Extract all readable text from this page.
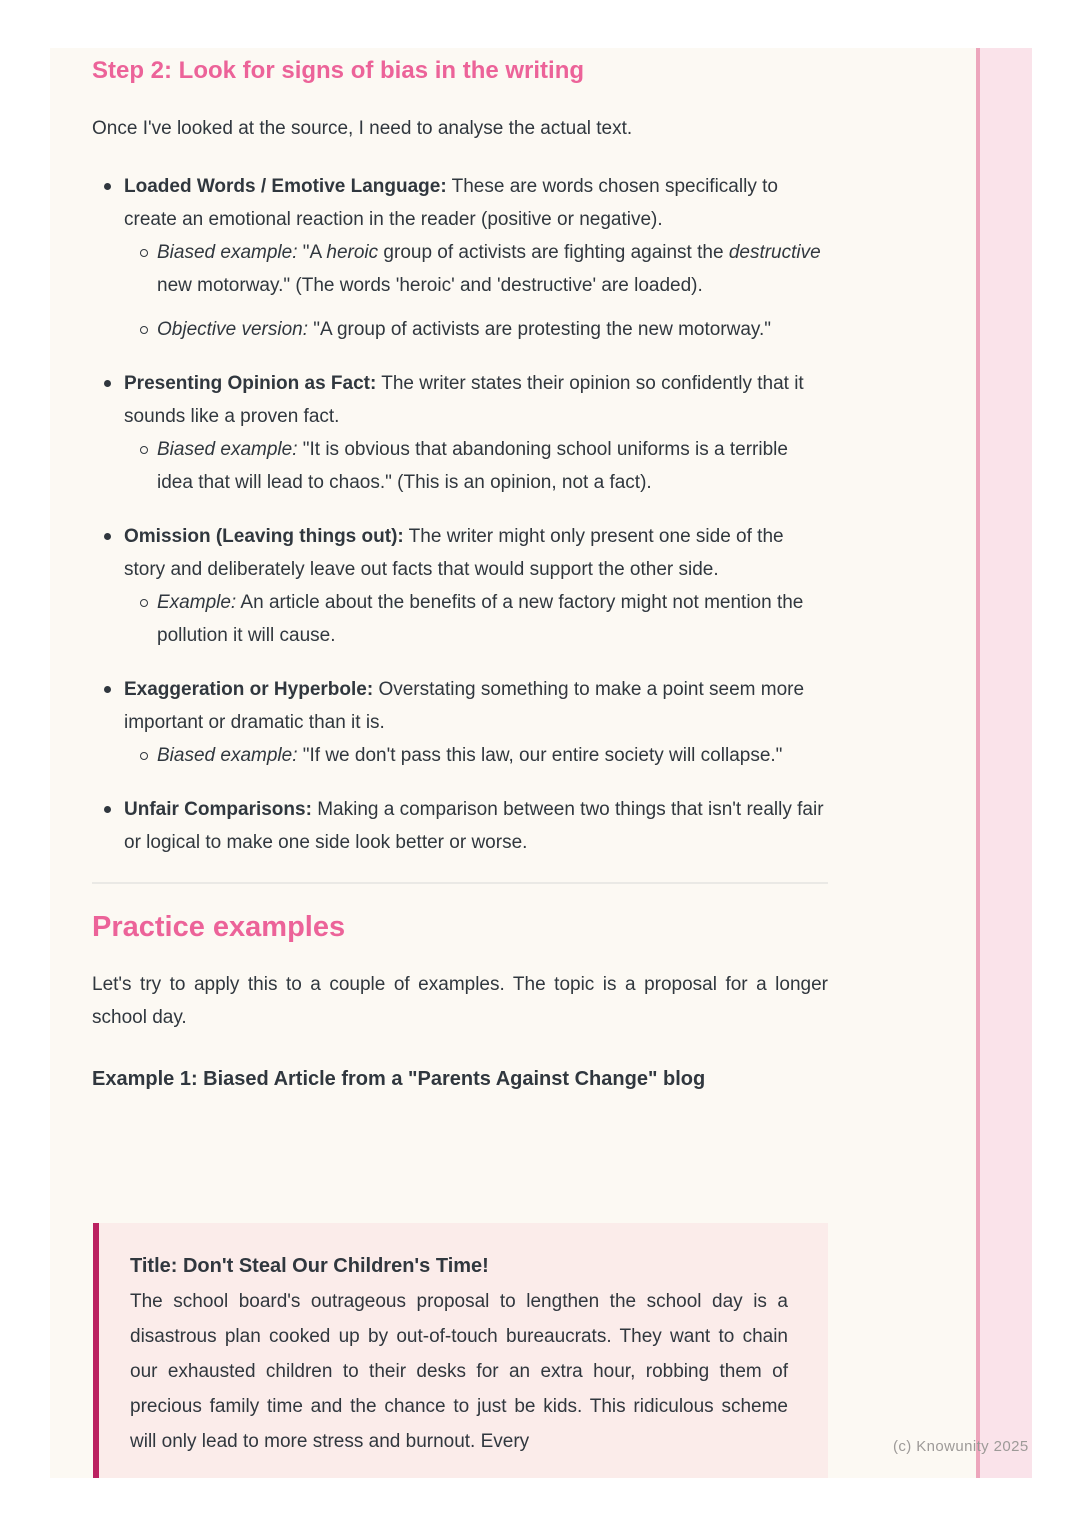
Step 2: Look for signs of bias in the writing

Once I've looked at the source, I need to analyse the actual text.

Loaded Words / Emotive Language: These are words chosen specifically to create an emotional reaction in the reader (positive or negative).

Biased example: "A heroic group of activists are fighting against the destructive new motorway." (The words 'heroic' and 'destructive' are loaded).

Objective version: "A group of activists are protesting the new motorway."

Presenting Opinion as Fact: The writer states their opinion so confidently that it sounds like a proven fact.

Biased example: "It is obvious that abandoning school uniforms is a terrible idea that will lead to chaos." (This is an opinion, not a fact).

Omission (Leaving things out): The writer might only present one side of the story and deliberately leave out facts that would support the other side.

Example: An article about the benefits of a new factory might not mention the pollution it will cause.

Exaggeration or Hyperbole: Overstating something to make a point seem more important or dramatic than it is.

Biased example: "If we don't pass this law, our entire society will collapse."

Unfair Comparisons: Making a comparison between two things that isn't really fair or logical to make one side look better or worse.

Practice examples

Let's try to apply this to a couple of examples. The topic is a proposal for a longer school day.

Example 1: Biased Article from a "Parents Against Change" blog

Title: Don't Steal Our Children's Time!

The school board's outrageous proposal to lengthen the school day is a disastrous plan cooked up by out-of-touch bureaucrats. They want to chain our exhausted children to their desks for an extra hour, robbing them of precious family time and the chance to just be kids. This ridiculous scheme will only lead to more stress and burnout. Every	(c) Knowunity 2025
